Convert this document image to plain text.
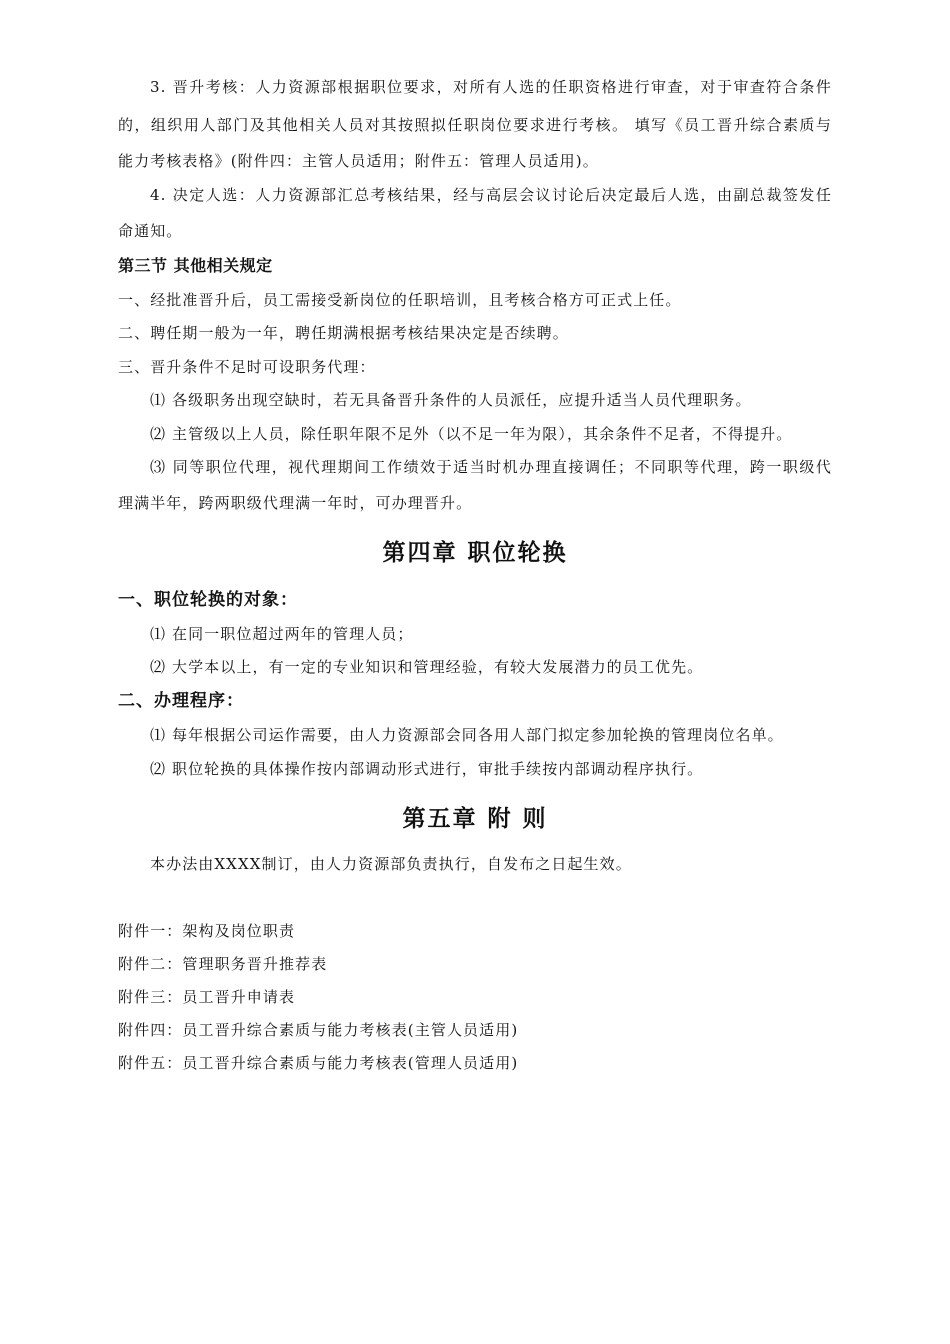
3. 晋升考核：人力资源部根据职位要求，对所有人选的任职资格进行审查，对于审查符合条件
的，组织用人部门及其他相关人员对其按照拟任职岗位要求进行考核。 填写《员工晋升综合素质与
能力考核表格》(附件四：主管人员适用；附件五：管理人员适用)。
4. 决定人选：人力资源部汇总考核结果，经与高层会议讨论后决定最后人选，由副总裁签发任
命通知。
第三节 其他相关规定
一、经批准晋升后，员工需接受新岗位的任职培训，且考核合格方可正式上任。
二、聘任期一般为一年，聘任期满根据考核结果决定是否续聘。
三、晋升条件不足时可设职务代理：
⑴ 各级职务出现空缺时，若无具备晋升条件的人员派任，应提升适当人员代理职务。
⑵ 主管级以上人员，除任职年限不足外（以不足一年为限），其余条件不足者，不得提升。
⑶ 同等职位代理，视代理期间工作绩效于适当时机办理直接调任；不同职等代理，跨一职级代
理满半年，跨两职级代理满一年时，可办理晋升。
第四章 职位轮换
一、职位轮换的对象：
⑴ 在同一职位超过两年的管理人员；
⑵ 大学本以上，有一定的专业知识和管理经验，有较大发展潜力的员工优先。
二、办理程序：
⑴ 每年根据公司运作需要，由人力资源部会同各用人部门拟定参加轮换的管理岗位名单。
⑵ 职位轮换的具体操作按内部调动形式进行，审批手续按内部调动程序执行。
第五章 附 则
本办法由XXXX制订，由人力资源部负责执行，自发布之日起生效。
附件一：架构及岗位职责
附件二：管理职务晋升推荐表
附件三：员工晋升申请表
附件四：员工晋升综合素质与能力考核表(主管人员适用)
附件五：员工晋升综合素质与能力考核表(管理人员适用)
